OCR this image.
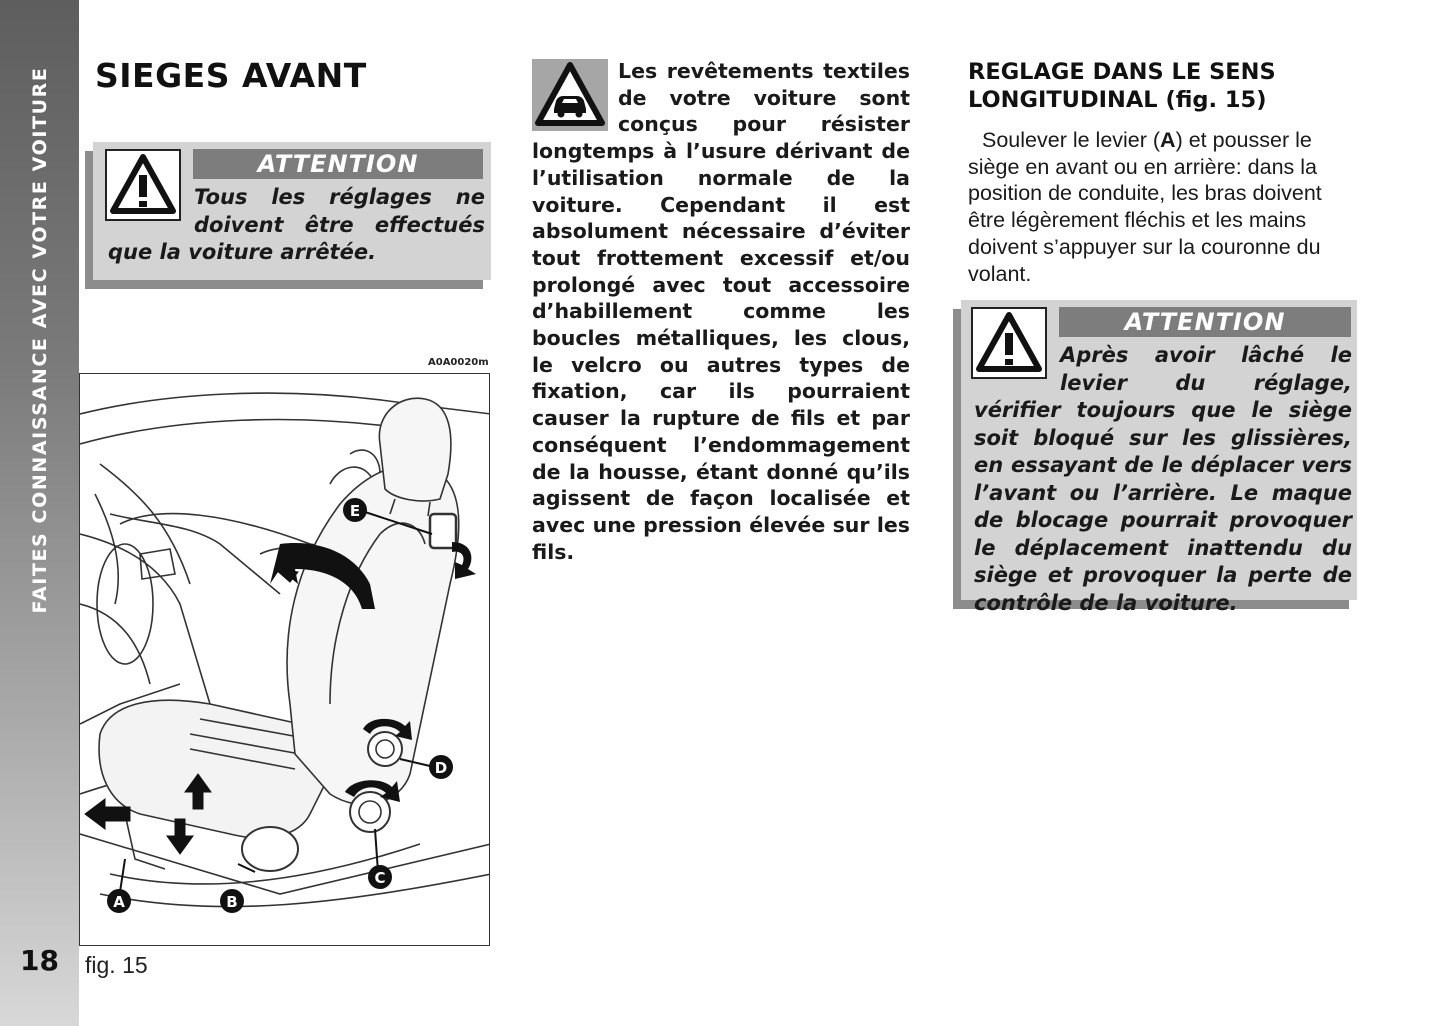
FAITES CONNAISSANCE AVEC VOTRE VOITURE
18
SIEGES AVANT
ATTENTION
Tous les réglages ne doivent être effectués que la voiture arrêtée.
A0A0020m
E
D
C
B
A
fig. 15
Les revêtements textiles de votre voiture sont conçus pour résister longtemps à l’usure dérivant de l’utilisation normale de la voiture. Cependant il est absolument nécessaire d’éviter tout frottement excessif et/ou prolongé avec tout accessoire d’habillement comme les boucles métalliques, les clous, le velcro ou autres types de fixation, car ils pourraient causer la rupture de fils et par conséquent l’endommagement de la housse, étant donné qu’ils agissent de façon localisée et avec une pression élevée sur les fils.
REGLAGE DANS LE SENS LONGITUDINAL (fig. 15)
Soulever le levier (A) et pousser le siège en avant ou en arrière: dans la position de conduite, les bras doivent être légèrement fléchis et les mains doivent s’appuyer sur la couronne du volant.
ATTENTION
Après avoir lâché le levier du réglage, vérifier toujours que le siège soit bloqué sur les glissières, en essayant de le déplacer vers l’avant ou l’arrière. Le maque de blocage pourrait provoquer le déplacement inattendu du siège et provoquer la perte de contrôle de la voiture.
